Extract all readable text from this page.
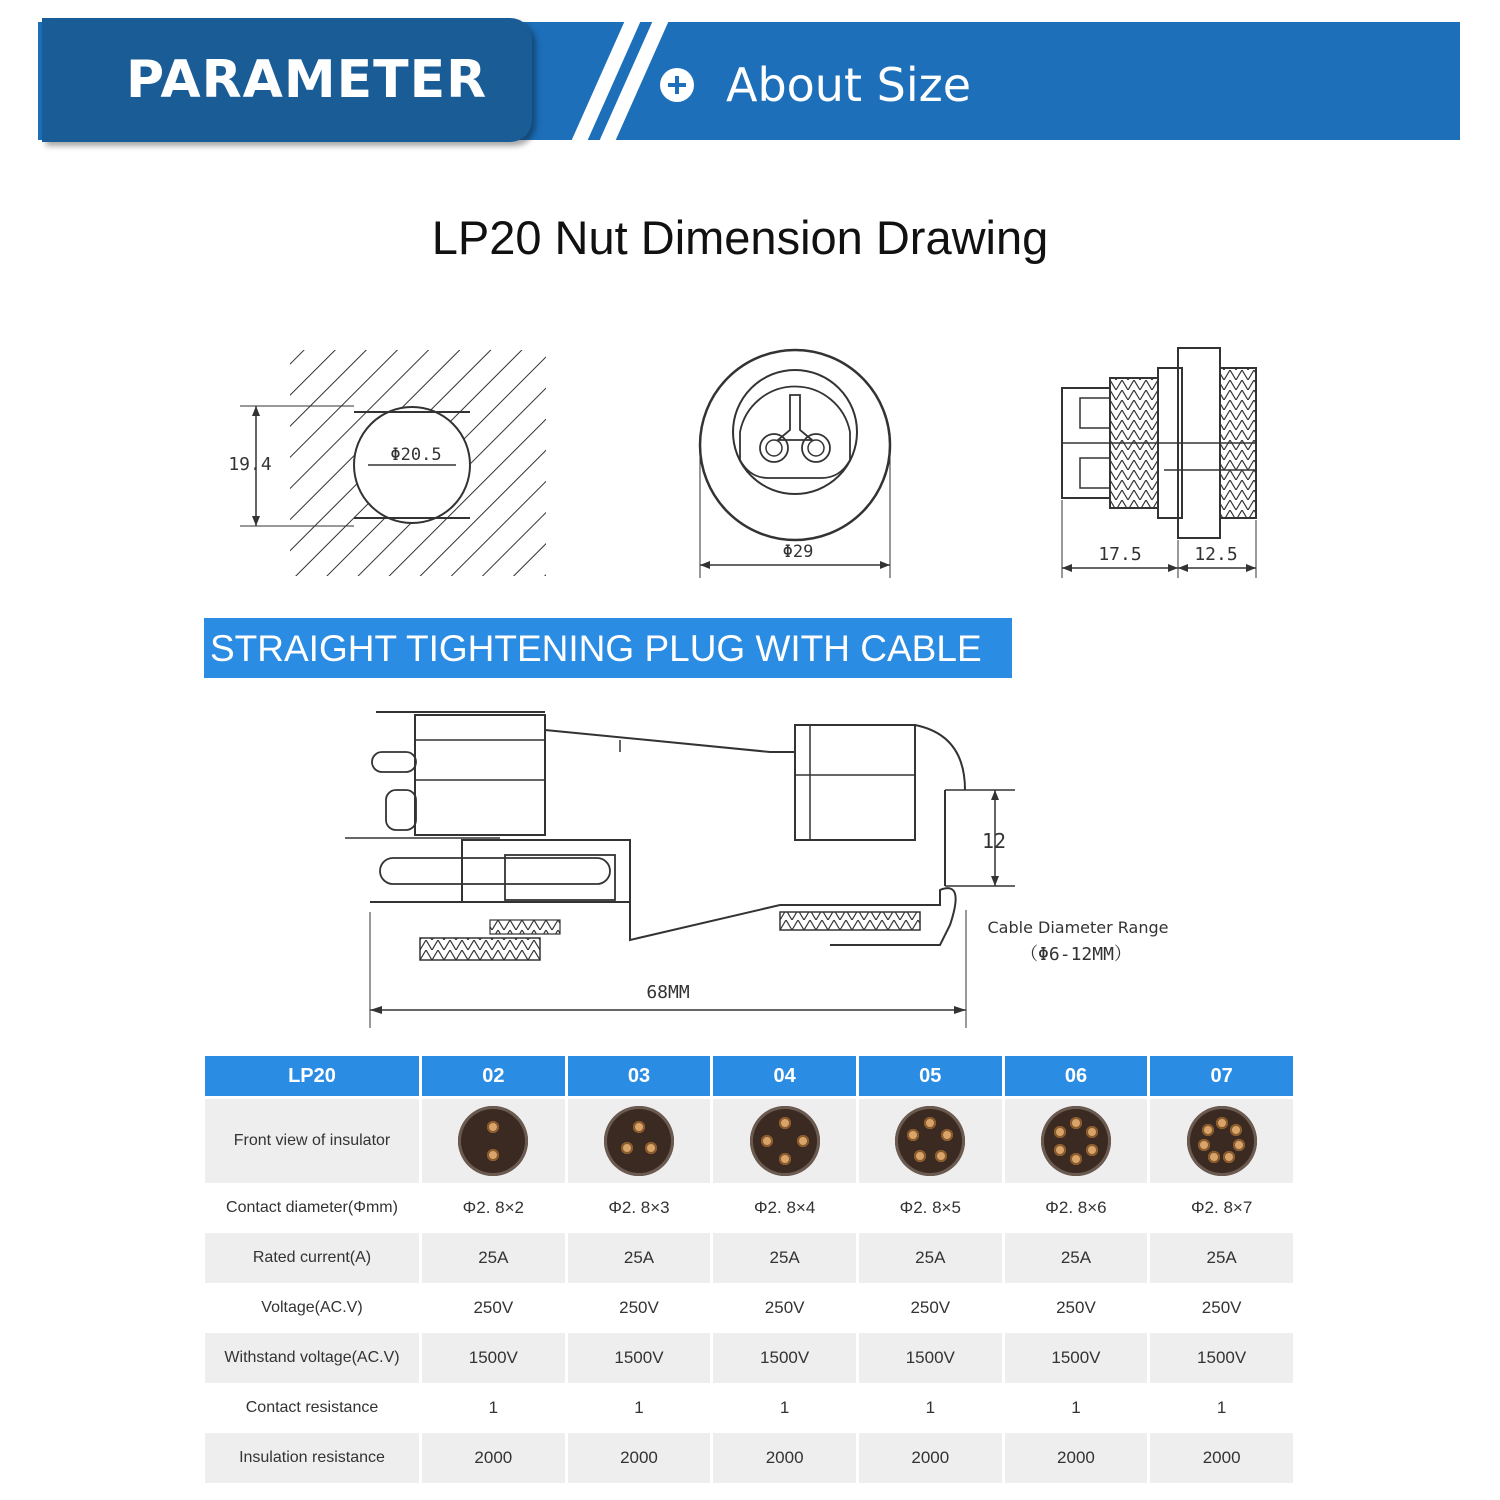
PARAMETER	About Size
LP20 Nut Dimension Drawing
19.4	Φ20.5
Φ29	17.5	12.5
12
68MM
Cable Diameter Range
（Φ6-12MM）
STRAIGHT TIGHTENING PLUG WITH CABLE
LP20	02	03	04	05	06	07
Front view of insulator	

Contact diameter(Φmm)	Φ2. 8×2	Φ2. 8×3	Φ2. 8×4	Φ2. 8×5	Φ2. 8×6	Φ2. 8×7
Rated current(A)	25A	25A	25A	25A	25A	25A
Voltage(AC.V)	250V	250V	250V	250V	250V	250V
Withstand voltage(AC.V)	1500V	1500V	1500V	1500V	1500V	1500V
Contact resistance	1	1	1	1	1	1
Insulation resistance	2000	2000	2000	2000	2000	2000
